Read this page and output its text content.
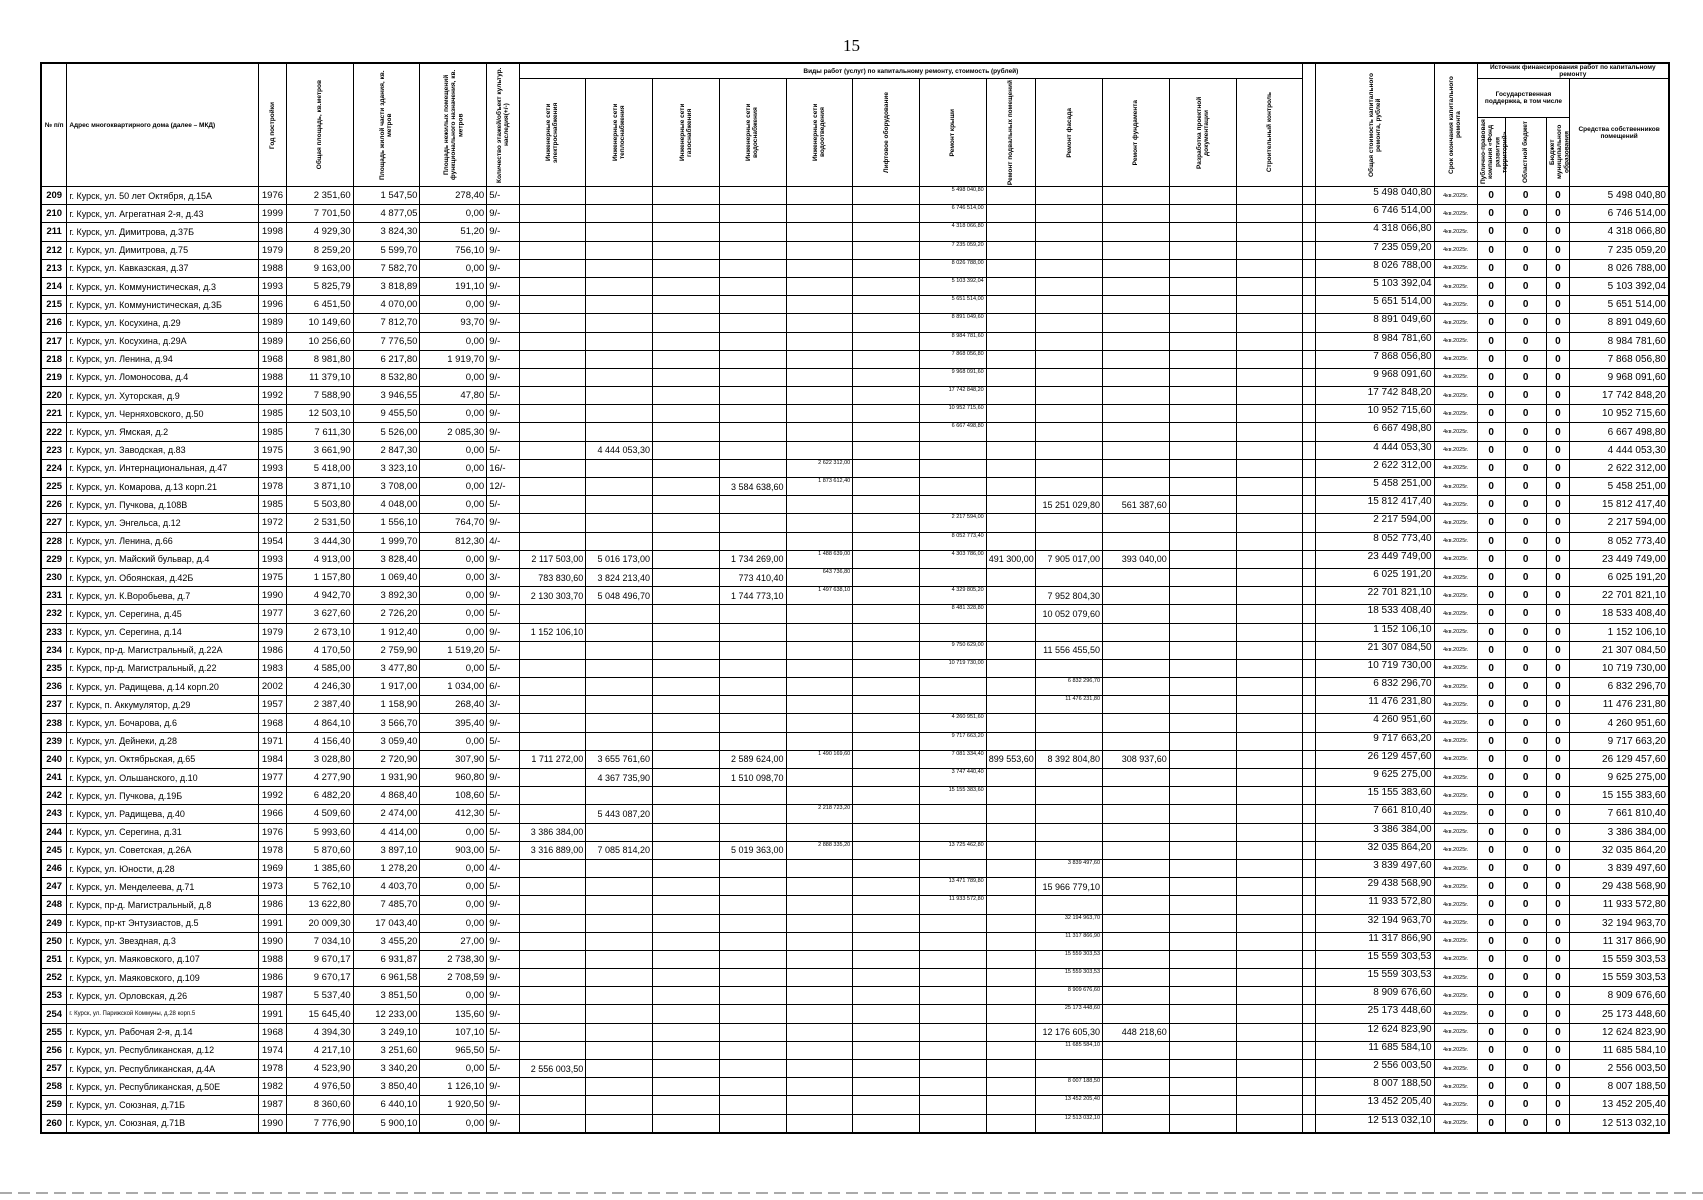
15
№ п/п	Адрес многоквартирного дома (далее – МКД)	Год постройки	Общая площадь, кв.метров	Площадь жилой части здания, кв. метров	Площадь нежилых помещений функционального назначения, кв. метров	Количество этажей/объект культур. наследия(+/-)	Виды работ (услуг) по капитальному ремонту, стоимость (рублей)													Общая стоимость капитального ремонта, рублей	Срок окончания капитального ремонта	Источник финансирования работ по капитальному ремонту			

							Инженерные сети электроснабжения	Инженерные сети теплоснабжения	Инженерные сети газоснабжения	Инженерные сети водоснабжения	Инженерные сети водоотведения	Лифтовое оборудование	Ремонт крыши	Ремонт подвальных помещений	Ремонт фасада	Ремонт фундамента	Разработка проектной документации	Строительный контроль				Государственная поддержка, в том числе			Средства собственников помещений

																						Публично-правовая компания «Фонд развития территорий»	Областной бюджет	Бюджет муниципального образования	

209	г. Курск, ул. 50 лет Октября, д.15А	1976	2 351,60	1 547,50	278,40	5/-							5 498 040,80							5 498 040,80	4кв.2025г.	0	0	0	5 498 040,80
210	г. Курск, ул. Агрегатная 2-я, д.43	1999	7 701,50	4 877,05	0,00	9/-							6 746 514,00							6 746 514,00	4кв.2025г.	0	0	0	6 746 514,00
211	г. Курск, ул. Димитрова, д.37Б	1998	4 929,30	3 824,30	51,20	9/-							4 318 066,80							4 318 066,80	4кв.2025г.	0	0	0	4 318 066,80
212	г. Курск, ул. Димитрова, д.75	1979	8 259,20	5 599,70	756,10	9/-							7 235 059,20							7 235 059,20	4кв.2025г.	0	0	0	7 235 059,20
213	г. Курск, ул. Кавказская, д.37	1988	9 163,00	7 582,70	0,00	9/-							8 026 788,00							8 026 788,00	4кв.2025г.	0	0	0	8 026 788,00
214	г. Курск, ул. Коммунистическая, д.3	1993	5 825,79	3 818,89	191,10	9/-							5 103 392,04							5 103 392,04	4кв.2025г.	0	0	0	5 103 392,04
215	г. Курск, ул. Коммунистическая, д.3Б	1996	6 451,50	4 070,00	0,00	9/-							5 651 514,00							5 651 514,00	4кв.2025г.	0	0	0	5 651 514,00
216	г. Курск, ул. Косухина, д.29	1989	10 149,60	7 812,70	93,70	9/-							8 891 049,60							8 891 049,60	4кв.2025г.	0	0	0	8 891 049,60
217	г. Курск, ул. Косухина, д.29А	1989	10 256,60	7 776,50	0,00	9/-							8 984 781,60							8 984 781,60	4кв.2025г.	0	0	0	8 984 781,60
218	г. Курск, ул. Ленина, д.94	1968	8 981,80	6 217,80	1 919,70	9/-							7 868 056,80							7 868 056,80	4кв.2025г.	0	0	0	7 868 056,80
219	г. Курск, ул. Ломоносова, д.4	1988	11 379,10	8 532,80	0,00	9/-							9 968 091,60							9 968 091,60	4кв.2025г.	0	0	0	9 968 091,60
220	г. Курск, ул. Хуторская, д.9	1992	7 588,90	3 946,55	47,80	5/-							17 742 848,20							17 742 848,20	4кв.2025г.	0	0	0	17 742 848,20
221	г. Курск, ул. Черняховского, д.50	1985	12 503,10	9 455,50	0,00	9/-							10 952 715,60							10 952 715,60	4кв.2025г.	0	0	0	10 952 715,60
222	г. Курск, ул. Ямская, д.2	1985	7 611,30	5 526,00	2 085,30	9/-							6 667 498,80							6 667 498,80	4кв.2025г.	0	0	0	6 667 498,80
223	г. Курск, ул. Заводская, д.83	1975	3 661,90	2 847,30	0,00	5/-		4 444 053,30												4 444 053,30	4кв.2025г.	0	0	0	4 444 053,30
224	г. Курск, ул. Интернациональная, д.47	1993	5 418,00	3 323,10	0,00	16/-					2 622 312,00									2 622 312,00	4кв.2025г.	0	0	0	2 622 312,00
225	г. Курск, ул. Комарова, д.13 корп.21	1978	3 871,10	3 708,00	0,00	12/-				3 584 638,60	1 873 612,40									5 458 251,00	4кв.2025г.	0	0	0	5 458 251,00
226	г. Курск, ул. Пучкова, д.108В	1985	5 503,80	4 048,00	0,00	5/-									15 251 029,80	561 387,60				15 812 417,40	4кв.2025г.	0	0	0	15 812 417,40
227	г. Курск, ул. Энгельса, д.12	1972	2 531,50	1 556,10	764,70	9/-							2 217 594,00							2 217 594,00	4кв.2025г.	0	0	0	2 217 594,00
228	г. Курск, ул. Ленина, д.66	1954	3 444,30	1 999,70	812,30	4/-							8 052 773,40							8 052 773,40	4кв.2025г.	0	0	0	8 052 773,40
229	г. Курск, ул. Майский бульвар, д.4	1993	4 913,00	3 828,40	0,00	9/-	2 117 503,00	5 016 173,00		1 734 269,00	1 488 639,00		4 303 786,00	491 300,00	7 905 017,00	393 040,00				23 449 749,00	4кв.2025г.	0	0	0	23 449 749,00
230	г. Курск, ул. Обоянская, д.42Б	1975	1 157,80	1 069,40	0,00	3/-	783 830,60	3 824 213,40		773 410,40	643 736,80									6 025 191,20	4кв.2025г.	0	0	0	6 025 191,20
231	г. Курск, ул. К.Воробьева, д.7	1990	4 942,70	3 892,30	0,00	9/-	2 130 303,70	5 048 496,70		1 744 773,10	1 497 638,10		4 329 805,20		7 952 804,30					22 701 821,10	4кв.2025г.	0	0	0	22 701 821,10
232	г. Курск, ул. Серегина, д.45	1977	3 627,60	2 726,20	0,00	5/-							8 481 328,80		10 052 079,60					18 533 408,40	4кв.2025г.	0	0	0	18 533 408,40
233	г. Курск, ул. Серегина, д.14	1979	2 673,10	1 912,40	0,00	9/-	1 152 106,10													1 152 106,10	4кв.2025г.	0	0	0	1 152 106,10
234	г. Курск, пр-д. Магистральный, д.22А	1986	4 170,50	2 759,90	1 519,20	5/-							9 750 629,00		11 556 455,50					21 307 084,50	4кв.2025г.	0	0	0	21 307 084,50
235	г. Курск, пр-д. Магистральный, д.22	1983	4 585,00	3 477,80	0,00	5/-							10 719 730,00							10 719 730,00	4кв.2025г.	0	0	0	10 719 730,00
236	г. Курск, ул. Радищева, д.14 корп.20	2002	4 246,30	1 917,00	1 034,00	6/-									6 832 296,70					6 832 296,70	4кв.2025г.	0	0	0	6 832 296,70
237	г. Курск, п. Аккумулятор, д.29	1957	2 387,40	1 158,90	268,40	3/-									11 476 231,80					11 476 231,80	4кв.2025г.	0	0	0	11 476 231,80
238	г. Курск, ул. Бочарова, д.6	1968	4 864,10	3 566,70	395,40	9/-							4 260 951,60							4 260 951,60	4кв.2025г.	0	0	0	4 260 951,60
239	г. Курск, ул. Дейнеки, д.28	1971	4 156,40	3 059,40	0,00	5/-							9 717 663,20							9 717 663,20	4кв.2025г.	0	0	0	9 717 663,20
240	г. Курск, ул. Октябрьская, д.65	1984	3 028,80	2 720,90	307,90	5/-	1 711 272,00	3 655 761,60		2 589 624,00	1 490 169,60		7 081 334,40	899 553,60	8 392 804,80	308 937,60				26 129 457,60	4кв.2025г.	0	0	0	26 129 457,60
241	г. Курск, ул. Ольшанского, д.10	1977	4 277,90	1 931,90	960,80	9/-		4 367 735,90		1 510 098,70			3 747 440,40							9 625 275,00	4кв.2025г.	0	0	0	9 625 275,00
242	г. Курск, ул. Пучкова, д.19Б	1992	6 482,20	4 868,40	108,60	5/-							15 155 383,60							15 155 383,60	4кв.2025г.	0	0	0	15 155 383,60
243	г. Курск, ул. Радищева, д.40	1966	4 509,60	2 474,00	412,30	5/-		5 443 087,20			2 218 723,20									7 661 810,40	4кв.2025г.	0	0	0	7 661 810,40
244	г. Курск, ул. Серегина, д.31	1976	5 993,60	4 414,00	0,00	5/-	3 386 384,00													3 386 384,00	4кв.2025г.	0	0	0	3 386 384,00
245	г. Курск, ул. Советская, д.26А	1978	5 870,60	3 897,10	903,00	5/-	3 316 889,00	7 085 814,20		5 019 363,00	2 888 335,20		13 725 462,80							32 035 864,20	4кв.2025г.	0	0	0	32 035 864,20
246	г. Курск, ул. Юности, д.28	1969	1 385,60	1 278,20	0,00	4/-									3 839 497,60					3 839 497,60	4кв.2025г.	0	0	0	3 839 497,60
247	г. Курск, ул. Менделеева, д.71	1973	5 762,10	4 403,70	0,00	5/-							13 471 789,80		15 966 779,10					29 438 568,90	4кв.2025г.	0	0	0	29 438 568,90
248	г. Курск, пр-д. Магистральный, д.8	1986	13 622,80	7 485,70	0,00	9/-							11 933 572,80							11 933 572,80	4кв.2025г.	0	0	0	11 933 572,80
249	г. Курск, пр-кт Энтузиастов, д.5	1991	20 009,30	17 043,40	0,00	9/-									32 194 963,70					32 194 963,70	4кв.2025г.	0	0	0	32 194 963,70
250	г. Курск, ул. Звездная, д.3	1990	7 034,10	3 455,20	27,00	9/-									11 317 866,90					11 317 866,90	4кв.2025г.	0	0	0	11 317 866,90
251	г. Курск, ул. Маяковского, д.107	1988	9 670,17	6 931,87	2 738,30	9/-									15 559 303,53					15 559 303,53	4кв.2025г.	0	0	0	15 559 303,53
252	г. Курск, ул. Маяковского, д.109	1986	9 670,17	6 961,58	2 708,59	9/-									15 559 303,53					15 559 303,53	4кв.2025г.	0	0	0	15 559 303,53
253	г. Курск, ул. Орловская, д.26	1987	5 537,40	3 851,50	0,00	9/-									8 909 676,60					8 909 676,60	4кв.2025г.	0	0	0	8 909 676,60
254	г. Курск, ул. Парижской Коммуны, д.28 корп.5	1991	15 645,40	12 233,00	135,60	9/-									25 173 448,60					25 173 448,60	4кв.2025г.	0	0	0	25 173 448,60
255	г. Курск, ул. Рабочая 2-я, д.14	1968	4 394,30	3 249,10	107,10	5/-									12 176 605,30	448 218,60				12 624 823,90	4кв.2025г.	0	0	0	12 624 823,90
256	г. Курск, ул. Республиканская, д.12	1974	4 217,10	3 251,60	965,50	5/-									11 685 584,10					11 685 584,10	4кв.2025г.	0	0	0	11 685 584,10
257	г. Курск, ул. Республиканская, д.4А	1978	4 523,90	3 340,20	0,00	5/-	2 556 003,50													2 556 003,50	4кв.2025г.	0	0	0	2 556 003,50
258	г. Курск, ул. Республиканская, д.50Е	1982	4 976,50	3 850,40	1 126,10	9/-									8 007 188,50					8 007 188,50	4кв.2025г.	0	0	0	8 007 188,50
259	г. Курск, ул. Союзная, д.71Б	1987	8 360,60	6 440,10	1 920,50	9/-									13 452 205,40					13 452 205,40	4кв.2025г.	0	0	0	13 452 205,40
260	г. Курск, ул. Союзная, д.71В	1990	7 776,90	5 900,10	0,00	9/-									12 513 032,10					12 513 032,10	4кв.2025г.	0	0	0	12 513 032,10
